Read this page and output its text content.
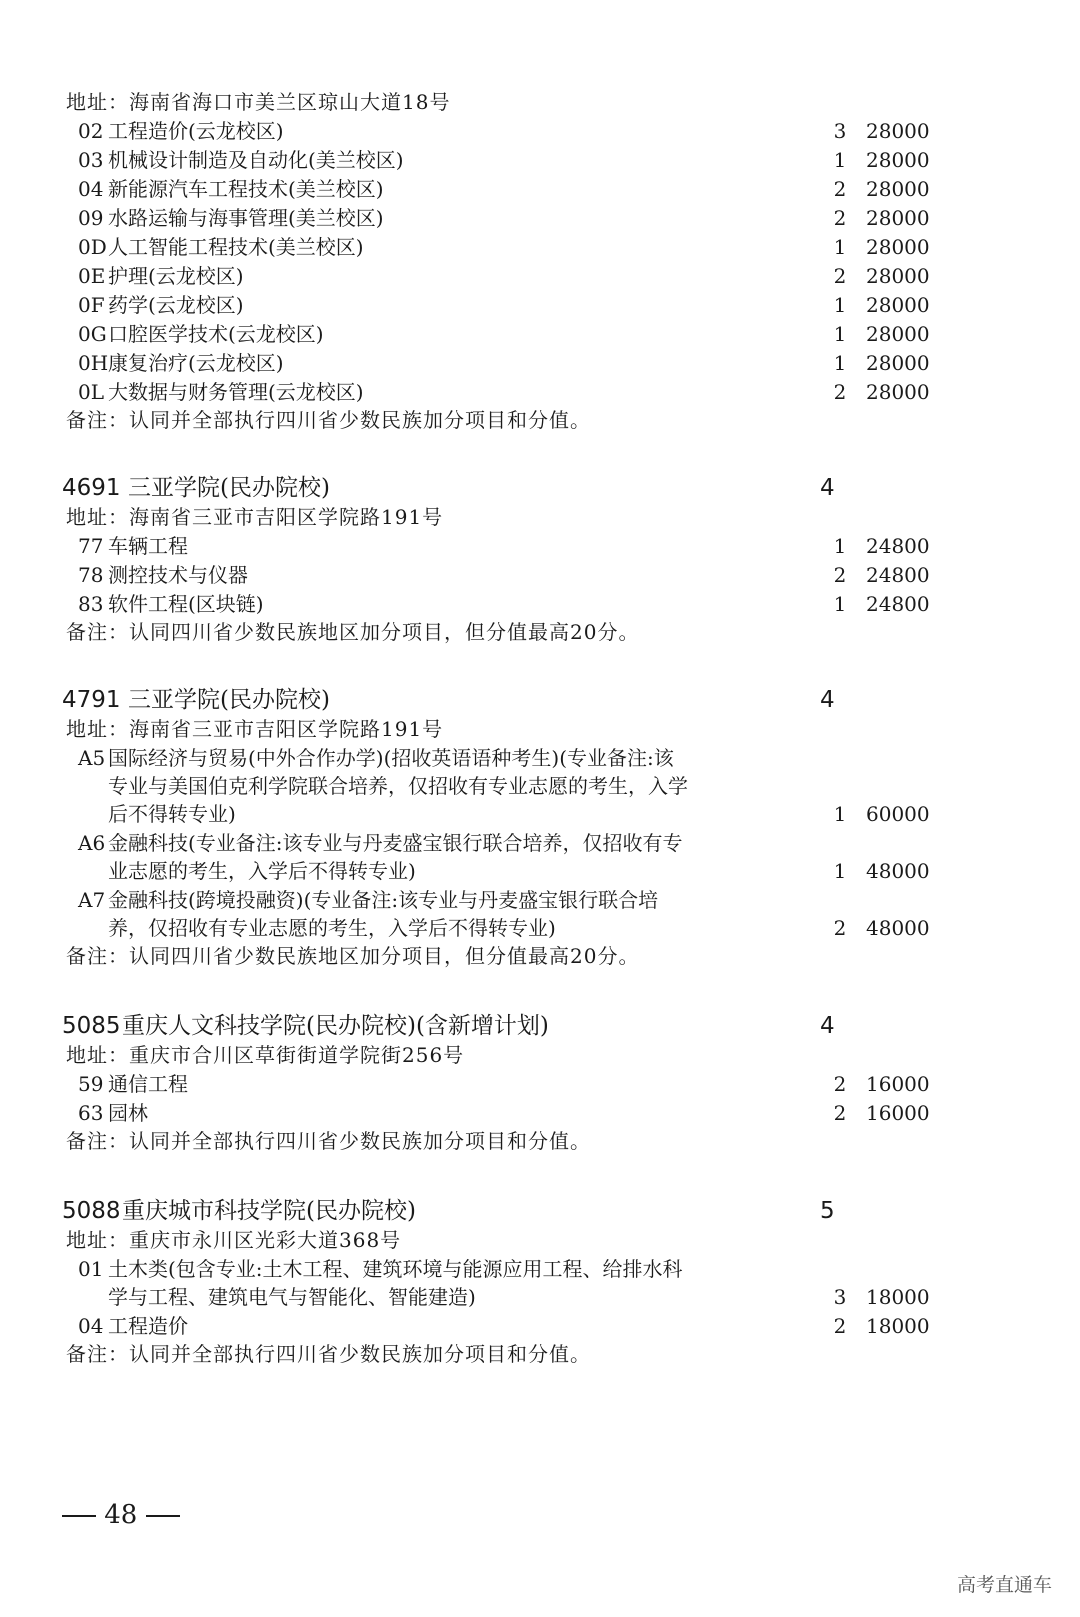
地址：海南省海口市美兰区琼山大道18号
02 工程造价(云龙校区)	3 28000
03 机械设计制造及自动化(美兰校区)	1 28000
04 新能源汽车工程技术(美兰校区)	2 28000
09 水路运输与海事管理(美兰校区)	2 28000
0D 人工智能工程技术(美兰校区)	1 28000
0E 护理(云龙校区)	2 28000
0F 药学(云龙校区)	1 28000
0G 口腔医学技术(云龙校区)	1 28000
0H 康复治疗(云龙校区)	1 28000
0L 大数据与财务管理(云龙校区)	2 28000
备注：认同并全部执行四川省少数民族加分项目和分值。
4691 三亚学院(民办院校)	4
地址：海南省三亚市吉阳区学院路191号
77 车辆工程	1 24800
78 测控技术与仪器	2 24800
83 软件工程(区块链)	1 24800
备注：认同四川省少数民族地区加分项目，但分值最高20分。
4791 三亚学院(民办院校)	4
地址：海南省三亚市吉阳区学院路191号
A5 国际经济与贸易(中外合作办学)(招收英语语种考生)(专业备注:该
专业与美国伯克利学院联合培养，仅招收有专业志愿的考生，入学
后不得转专业)	1 60000
A6 金融科技(专业备注:该专业与丹麦盛宝银行联合培养，仅招收有专
业志愿的考生，入学后不得转专业)	1 48000
A7 金融科技(跨境投融资)(专业备注:该专业与丹麦盛宝银行联合培
养，仅招收有专业志愿的考生，入学后不得转专业)	2 48000
备注：认同四川省少数民族地区加分项目，但分值最高20分。
5085 重庆人文科技学院(民办院校)(含新增计划)	4
地址：重庆市合川区草街街道学院街256号
59 通信工程	2 16000
63 园林	2 16000
备注：认同并全部执行四川省少数民族加分项目和分值。
5088 重庆城市科技学院(民办院校)	5
地址：重庆市永川区光彩大道368号
01 土木类(包含专业:土木工程、建筑环境与能源应用工程、给排水科
学与工程、建筑电气与智能化、智能建造)	3 18000
04 工程造价	2 18000
备注：认同并全部执行四川省少数民族加分项目和分值。
48
高考直通车
